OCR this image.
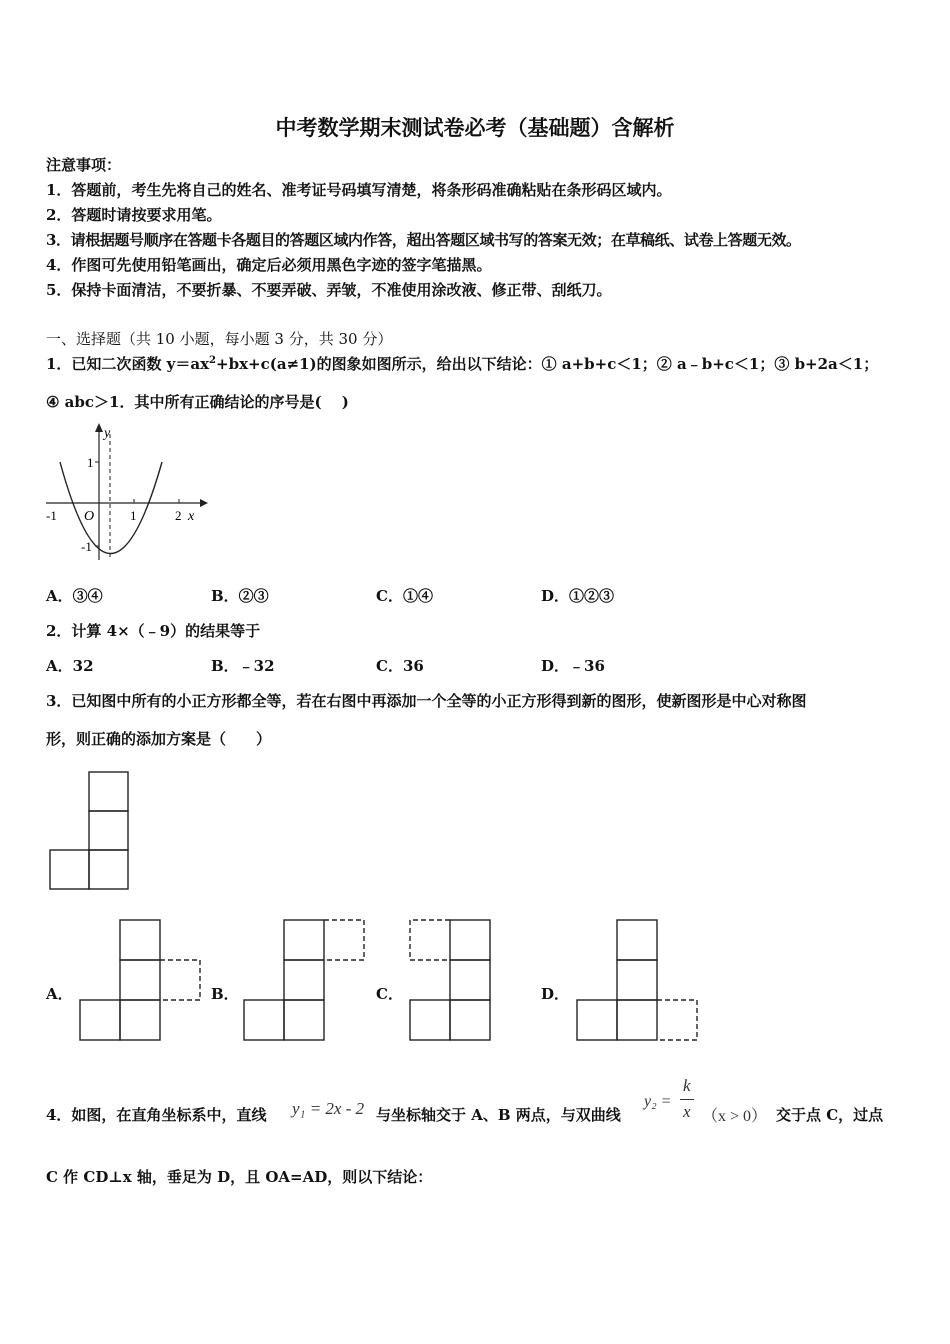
中考数学期末测试卷必考（基础题）含解析
注意事项：
1．答题前，考生先将自己的姓名、准考证号码填写清楚，将条形码准确粘贴在条形码区域内。
2．答题时请按要求用笔。
3．请根据题号顺序在答题卡各题目的答题区域内作答，超出答题区域书写的答案无效；在草稿纸、试卷上答题无效。
4．作图可先使用铅笔画出，确定后必须用黑色字迹的签字笔描黑。
5．保持卡面清洁，不要折暴、不要弄破、弄皱，不准使用涂改液、修正带、刮纸刀。
一、选择题（共 10 小题，每小题 3 分，共 30 分）
1．已知二次函数 $y=ax^2+bx+c(a\ne 1)$的图象如图所示，给出以下结论：① a+b+c＜1；② a﹣b+c＜1；③ b+2a＜1；
④ abc＞1．其中所有正确结论的序号是(　 )
y
x
O
1
-1
-1	1	2
A．③④	B．②③	C．①④	D．①②③
2．计算 4×（﹣9）的结果等于
A．32	B．﹣32	C．36	D．﹣36
3．已知图中所有的小正方形都全等，若在右图中再添加一个全等的小正方形得到新的图形，使新图形是中心对称图
形，则正确的添加方案是（　　）
A．	B．	C．	D．
4．如图，在直角坐标系中，直线 y₁ = 2x - 2 与坐标轴交于 A、B 两点，与双曲线
y₂ =
k
x （x > 0） 交于点 C，过点
C 作 CD⊥x 轴，垂足为 D，且 OA=AD，则以下结论：
